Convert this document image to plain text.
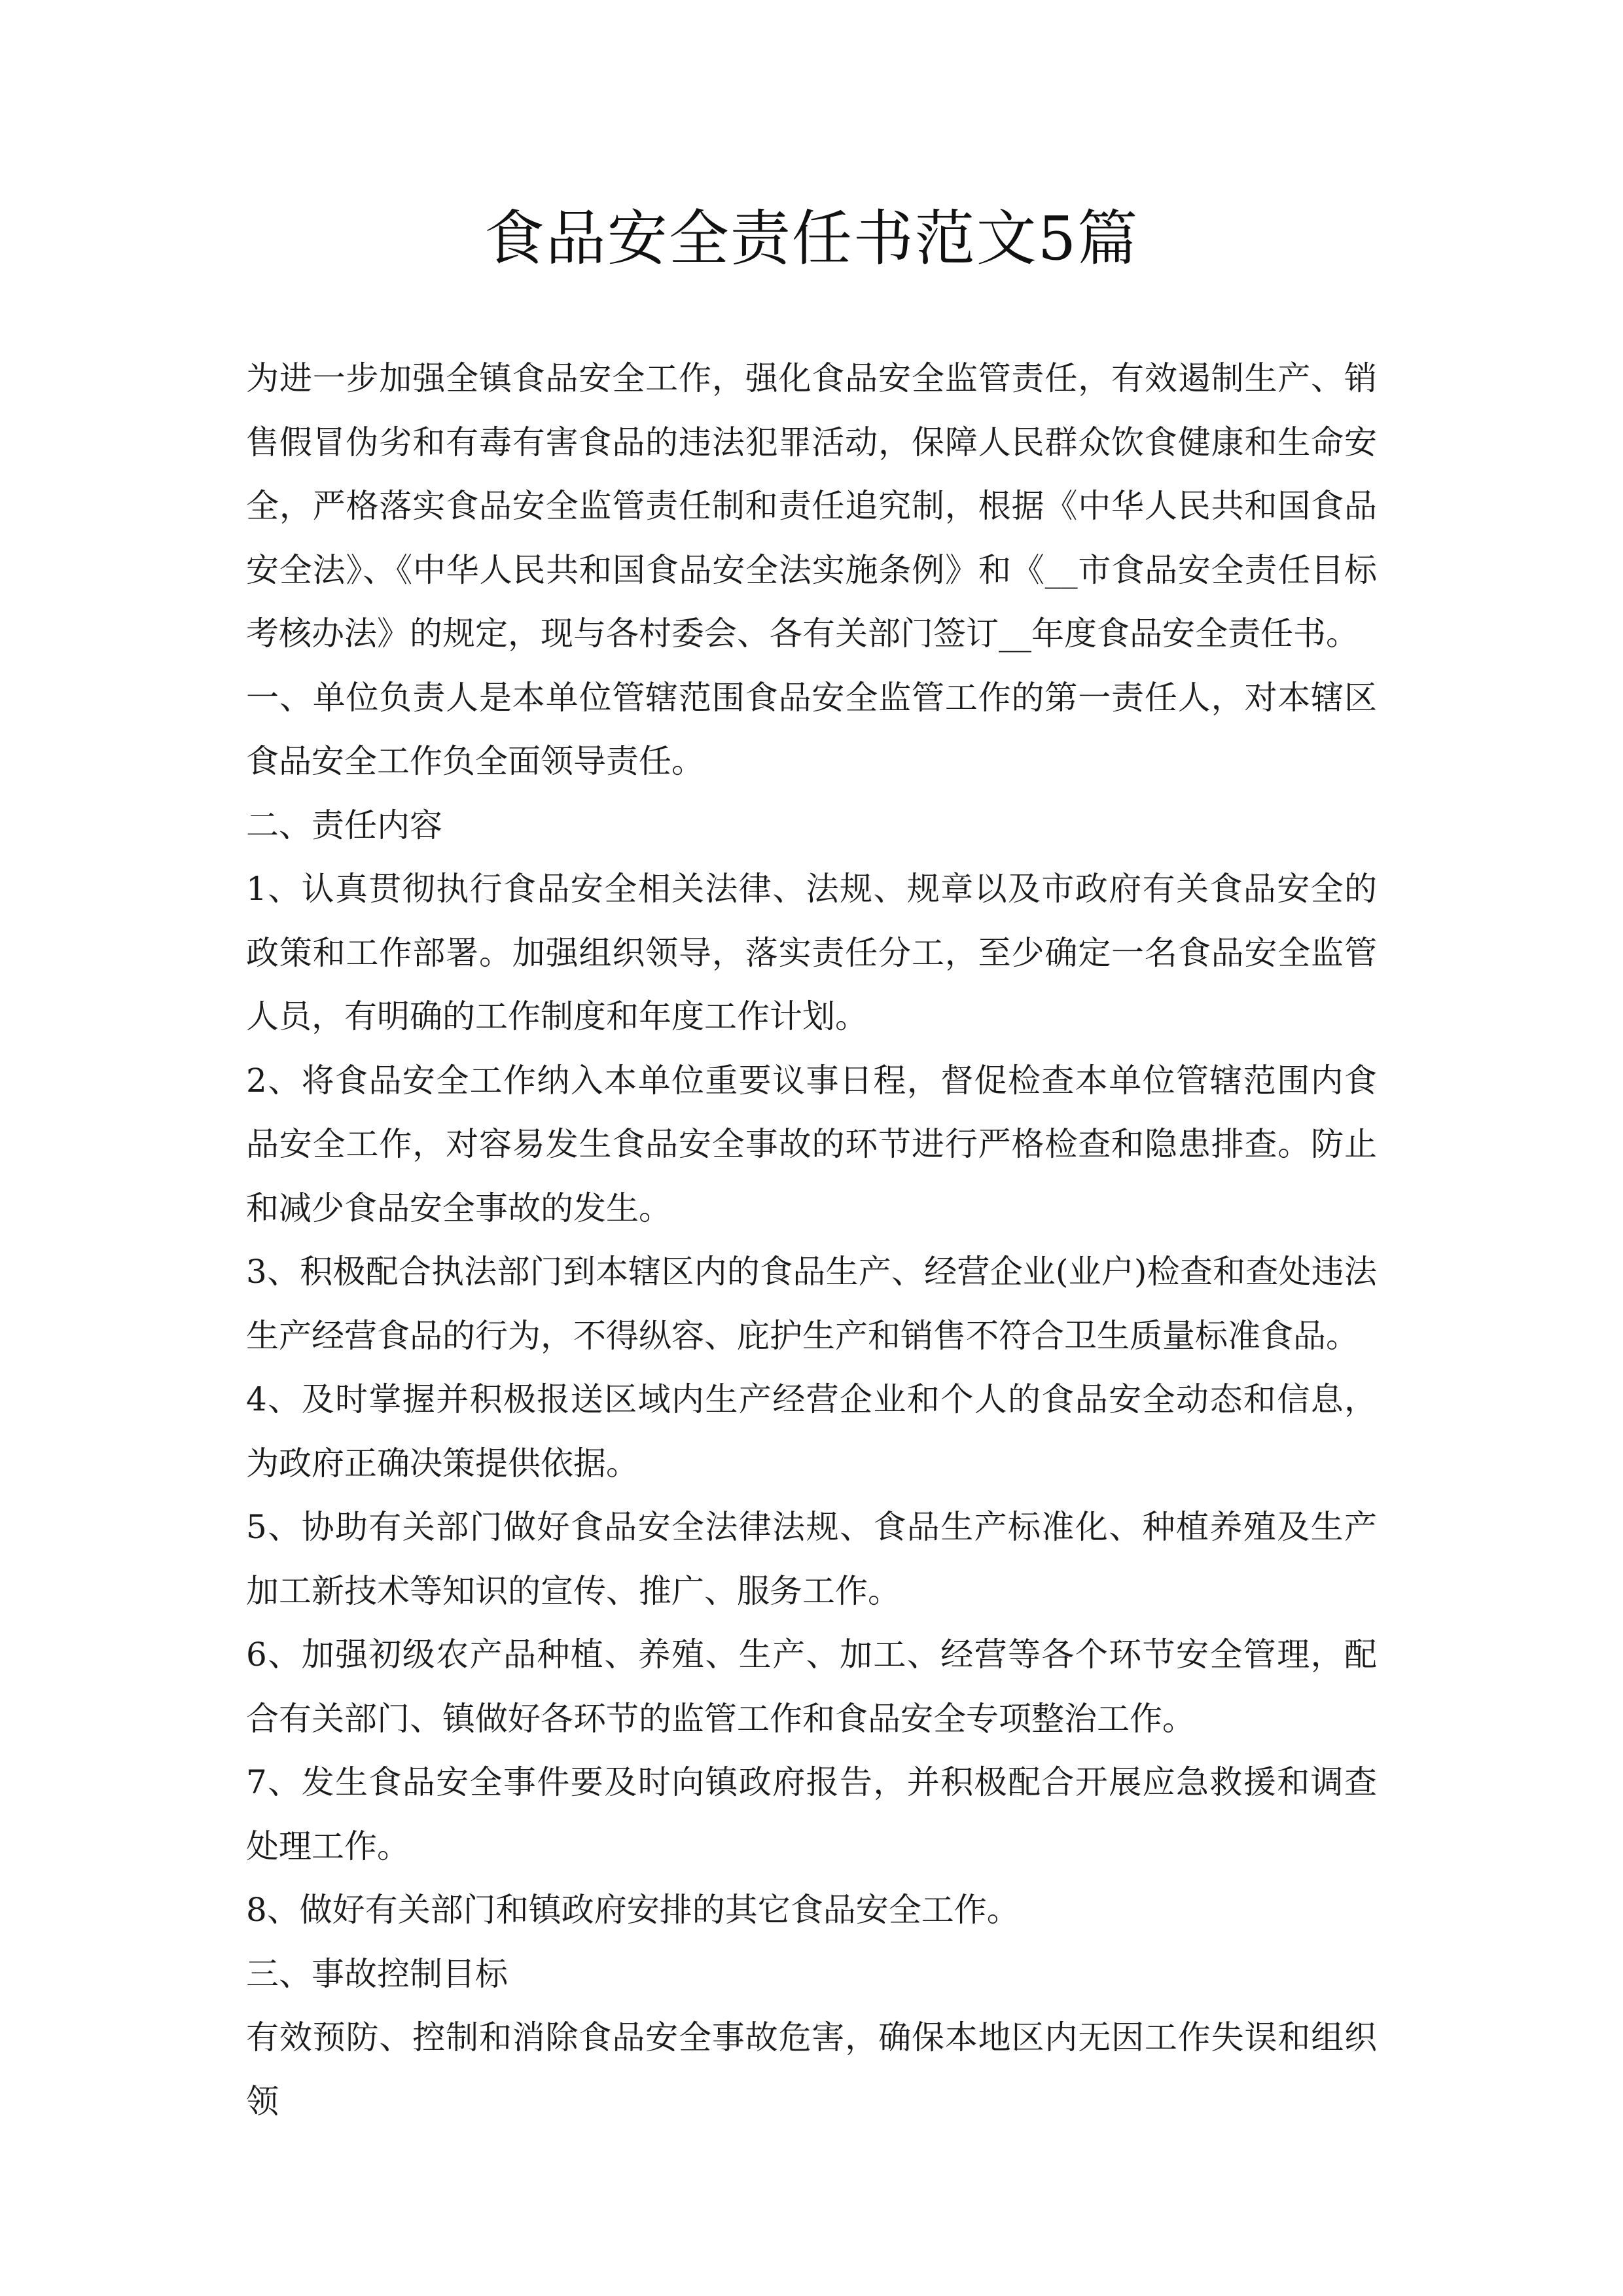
食品安全责任书范文5篇

为进一步加强全镇食品安全工作，强化食品安全监管责任，有效遏制生产、销售假冒伪劣和有毒有害食品的违法犯罪活动，保障人民群众饮食健康和生命安全，严格落实食品安全监管责任制和责任追究制，根据《中华人民共和国食品安全法》、《中华人民共和国食品安全法实施条例》和《__市食品安全责任目标考核办法》的规定，现与各村委会、各有关部门签订__年度食品安全责任书。

一、单位负责人是本单位管辖范围食品安全监管工作的第一责任人，对本辖区食品安全工作负全面领导责任。

二、责任内容

1、认真贯彻执行食品安全相关法律、法规、规章以及市政府有关食品安全的政策和工作部署。加强组织领导，落实责任分工，至少确定一名食品安全监管人员，有明确的工作制度和年度工作计划。

2、将食品安全工作纳入本单位重要议事日程，督促检查本单位管辖范围内食品安全工作，对容易发生食品安全事故的环节进行严格检查和隐患排查。防止和减少食品安全事故的发生。

3、积极配合执法部门到本辖区内的食品生产、经营企业(业户)检查和查处违法生产经营食品的行为，不得纵容、庇护生产和销售不符合卫生质量标准食品。

4、及时掌握并积极报送区域内生产经营企业和个人的食品安全动态和信息，为政府正确决策提供依据。

5、协助有关部门做好食品安全法律法规、食品生产标准化、种植养殖及生产加工新技术等知识的宣传、推广、服务工作。

6、加强初级农产品种植、养殖、生产、加工、经营等各个环节安全管理，配合有关部门、镇做好各环节的监管工作和食品安全专项整治工作。

7、发生食品安全事件要及时向镇政府报告，并积极配合开展应急救援和调查处理工作。

8、做好有关部门和镇政府安排的其它食品安全工作。

三、事故控制目标

有效预防、控制和消除食品安全事故危害，确保本地区内无因工作失误和组织领
